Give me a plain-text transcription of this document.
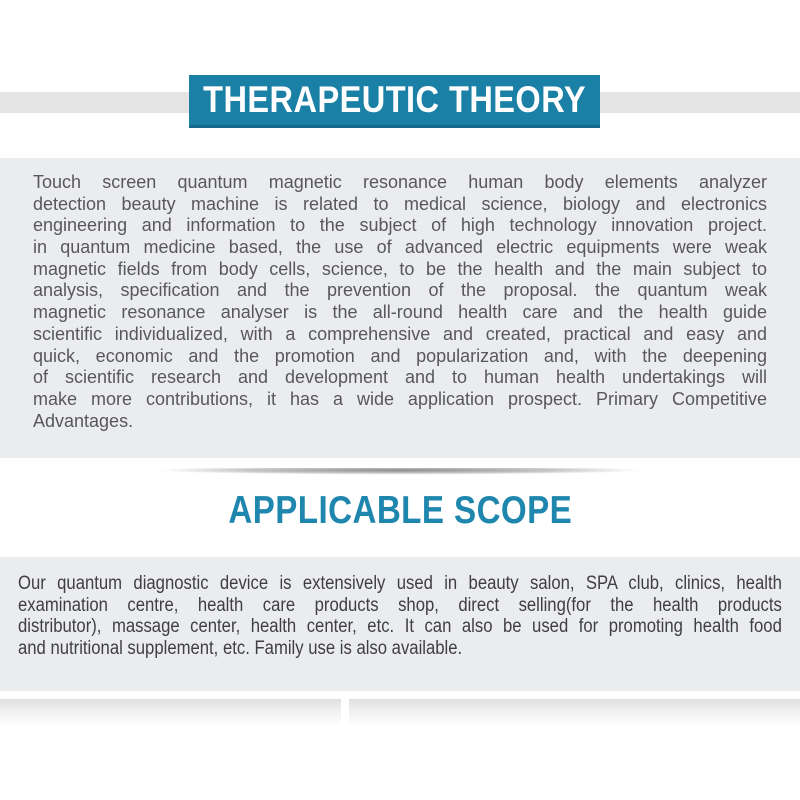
THERAPEUTIC THEORY
Touch screen quantum magnetic resonance human body elements analyzer
detection beauty machine is related to medical science, biology and electronics
engineering and information to the subject of high technology innovation project.
in quantum medicine based, the use of advanced electric equipments were weak
magnetic fields from body cells, science, to be the health and the main subject to
analysis, specification and the prevention of the proposal. the quantum weak
magnetic resonance analyser is the all-round health care and the health guide
scientific individualized, with a comprehensive and created, practical and easy and
quick, economic and the promotion and popularization and, with the deepening
of scientific research and development and to human health undertakings will
make more contributions, it has a wide application prospect. Primary Competitive
Advantages.
APPLICABLE SCOPE
Our quantum diagnostic device is extensively used in beauty salon, SPA club, clinics, health
examination centre, health care products shop, direct selling(for the health products
distributor), massage center, health center, etc. It can also be used for promoting health food
and nutritional supplement, etc. Family use is also available.
